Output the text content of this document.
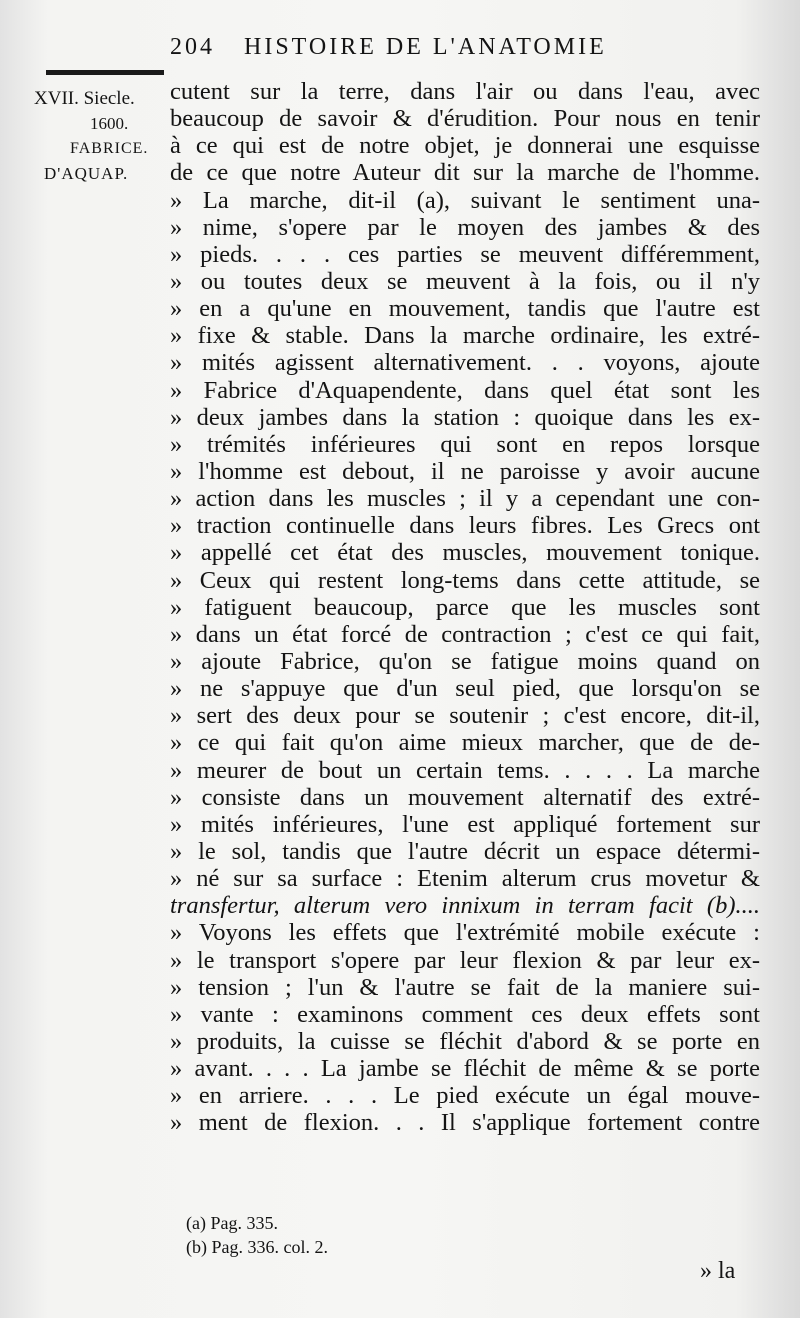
204 HISTOIRE DE L'ANATOMIE
XVII. Siecle.
1600.
FABRICE.
D'AQUAP.
cutent sur la terre, dans l'air ou dans l'eau, avec
beaucoup de savoir & d'érudition. Pour nous en tenir
à ce qui est de notre objet, je donnerai une esquisse
de ce que notre Auteur dit sur la marche de l'homme.
» La marche, dit-il (a), suivant le sentiment una-
» nime, s'opere par le moyen des jambes & des
» pieds. . . . ces parties se meuvent différemment,
» ou toutes deux se meuvent à la fois, ou il n'y
» en a qu'une en mouvement, tandis que l'autre est
» fixe & stable. Dans la marche ordinaire, les extré-
» mités agissent alternativement. . . voyons, ajoute
» Fabrice d'Aquapendente, dans quel état sont les
» deux jambes dans la station : quoique dans les ex-
» trémités inférieures qui sont en repos lorsque
» l'homme est debout, il ne paroisse y avoir aucune
» action dans les muscles ; il y a cependant une con-
» traction continuelle dans leurs fibres. Les Grecs ont
» appellé cet état des muscles, mouvement tonique.
» Ceux qui restent long-tems dans cette attitude, se
» fatiguent beaucoup, parce que les muscles sont
» dans un état forcé de contraction ; c'est ce qui fait,
» ajoute Fabrice, qu'on se fatigue moins quand on
» ne s'appuye que d'un seul pied, que lorsqu'on se
» sert des deux pour se soutenir ; c'est encore, dit-il,
» ce qui fait qu'on aime mieux marcher, que de de-
» meurer de bout un certain tems. . . . . La marche
» consiste dans un mouvement alternatif des extré-
» mités inférieures, l'une est appliqué fortement sur
» le sol, tandis que l'autre décrit un espace détermi-
» né sur sa surface : Etenim alterum crus movetur &
transfertur, alterum vero innixum in terram facit (b)....
» Voyons les effets que l'extrémité mobile exécute :
» le transport s'opere par leur flexion & par leur ex-
» tension ; l'un & l'autre se fait de la maniere sui-
» vante : examinons comment ces deux effets sont
» produits, la cuisse se fléchit d'abord & se porte en
» avant. . . . La jambe se fléchit de même & se porte
» en arriere. . . . Le pied exécute un égal mouve-
» ment de flexion. . . Il s'applique fortement contre
(a) Pag. 335.
(b) Pag. 336. col. 2.
» la
